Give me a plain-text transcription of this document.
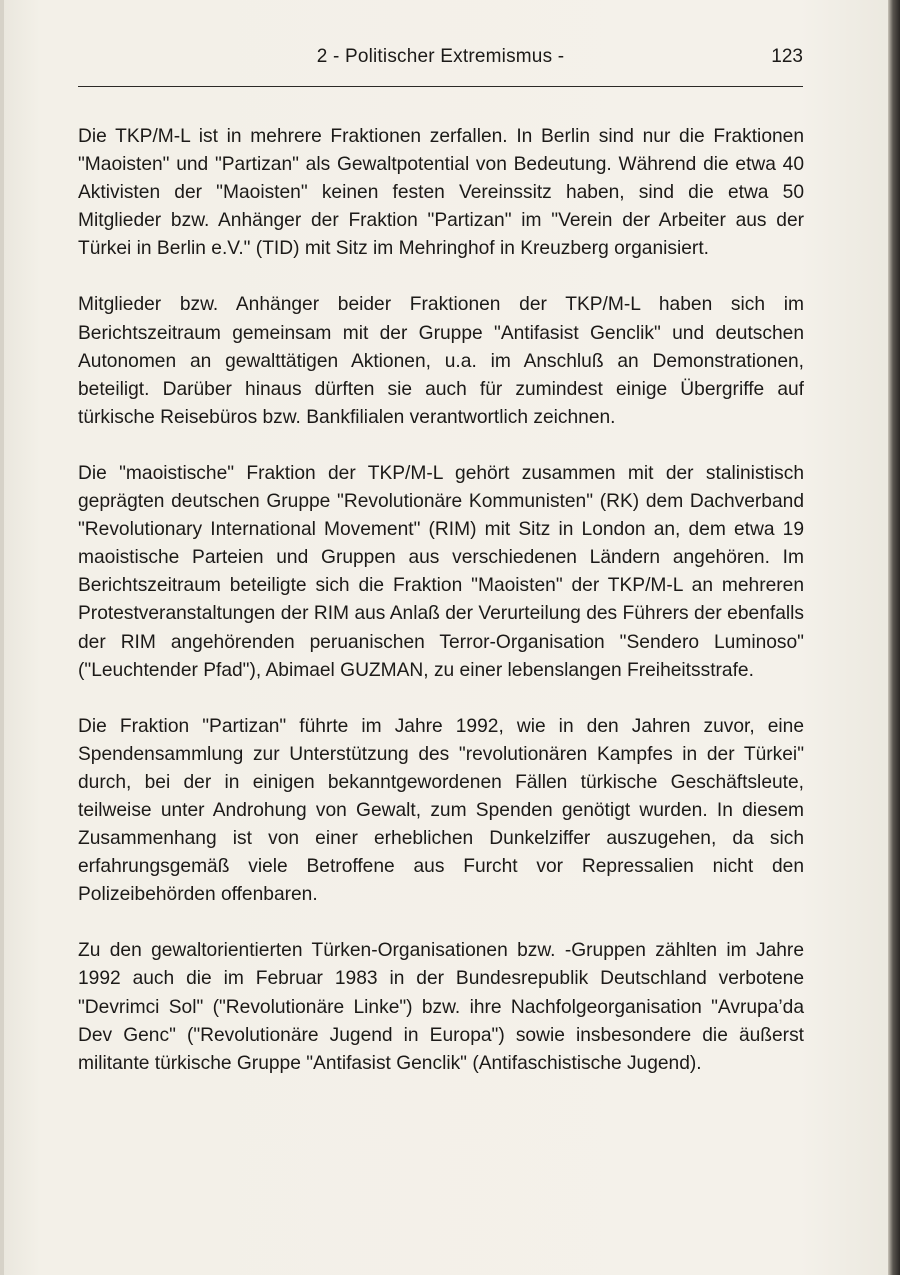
2 - Politischer Extremismus -	123

Die TKP/M-L ist in mehrere Fraktionen zerfallen. In Berlin sind nur die Fraktionen "Maoisten" und "Partizan" als Gewaltpotential von Bedeutung. Während die etwa 40 Aktivisten der "Maoisten" keinen festen Vereinssitz haben, sind die etwa 50 Mitglieder bzw. Anhänger der Fraktion "Partizan" im "Verein der Arbeiter aus der Türkei in Berlin e.V." (TID) mit Sitz im Mehringhof in Kreuzberg organisiert.

Mitglieder bzw. Anhänger beider Fraktionen der TKP/M-L haben sich im Berichtszeitraum gemeinsam mit der Gruppe "Antifasist Genclik" und deutschen Autonomen an gewalttätigen Aktionen, u.a. im Anschluß an Demonstrationen, beteiligt. Darüber hinaus dürften sie auch für zumindest einige Übergriffe auf türkische Reisebüros bzw. Bankfilialen verantwortlich zeichnen.

Die "maoistische" Fraktion der TKP/M-L gehört zusammen mit der stalinistisch geprägten deutschen Gruppe "Revolutionäre Kommunisten" (RK) dem Dachverband "Revolutionary International Movement" (RIM) mit Sitz in London an, dem etwa 19 maoistische Parteien und Gruppen aus verschiedenen Ländern angehören. Im Berichtszeitraum beteiligte sich die Fraktion "Maoisten" der TKP/M-L an mehreren Protestveranstaltungen der RIM aus Anlaß der Verurteilung des Führers der ebenfalls der RIM angehörenden peruanischen Terror-Organisation "Sendero Luminoso" ("Leuchtender Pfad"), Abimael GUZMAN, zu einer lebenslangen Freiheitsstrafe.

Die Fraktion "Partizan" führte im Jahre 1992, wie in den Jahren zuvor, eine Spendensammlung zur Unterstützung des "revolutionären Kampfes in der Türkei" durch, bei der in einigen bekanntgewordenen Fällen türkische Geschäftsleute, teilweise unter Androhung von Gewalt, zum Spenden genötigt wurden. In diesem Zusammenhang ist von einer erheblichen Dunkelziffer auszugehen, da sich erfahrungsgemäß viele Betroffene aus Furcht vor Repressalien nicht den Polizeibehörden offenbaren.

Zu den gewaltorientierten Türken-Organisationen bzw. -Gruppen zählten im Jahre 1992 auch die im Februar 1983 in der Bundesrepublik Deutschland verbotene "Devrimci Sol" ("Revolutionäre Linke") bzw. ihre Nachfolgeorganisation "Avrupa’da Dev Genc" ("Revolutionäre Jugend in Europa") sowie insbesondere die äußerst militante türkische Gruppe "Antifasist Genclik" (Antifaschistische Jugend).
